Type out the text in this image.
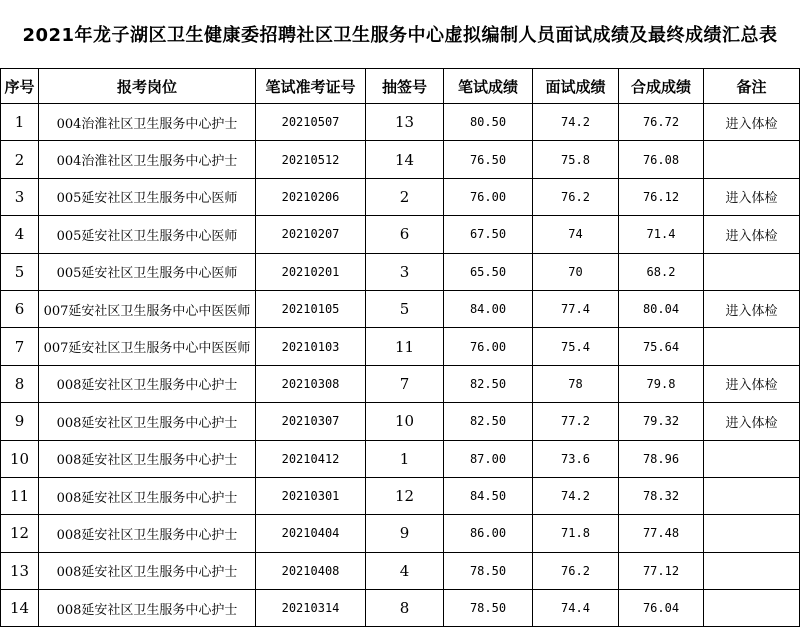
2021年龙子湖区卫生健康委招聘社区卫生服务中心虚拟编制人员面试成绩及最终成绩汇总表
序号	报考岗位	笔试准考证号	抽签号	笔试成绩	面试成绩	合成成绩	备注
1	004治淮社区卫生服务中心护士	20210507	13	80.50	74.2	76.72	进入体检
2	004治淮社区卫生服务中心护士	20210512	14	76.50	75.8	76.08	
3	005延安社区卫生服务中心医师	20210206	2	76.00	76.2	76.12	进入体检
4	005延安社区卫生服务中心医师	20210207	6	67.50	74	71.4	进入体检
5	005延安社区卫生服务中心医师	20210201	3	65.50	70	68.2	
6	007延安社区卫生服务中心中医医师	20210105	5	84.00	77.4	80.04	进入体检
7	007延安社区卫生服务中心中医医师	20210103	11	76.00	75.4	75.64	
8	008延安社区卫生服务中心护士	20210308	7	82.50	78	79.8	进入体检
9	008延安社区卫生服务中心护士	20210307	10	82.50	77.2	79.32	进入体检
10	008延安社区卫生服务中心护士	20210412	1	87.00	73.6	78.96	
11	008延安社区卫生服务中心护士	20210301	12	84.50	74.2	78.32	
12	008延安社区卫生服务中心护士	20210404	9	86.00	71.8	77.48	
13	008延安社区卫生服务中心护士	20210408	4	78.50	76.2	77.12	
14	008延安社区卫生服务中心护士	20210314	8	78.50	74.4	76.04	
